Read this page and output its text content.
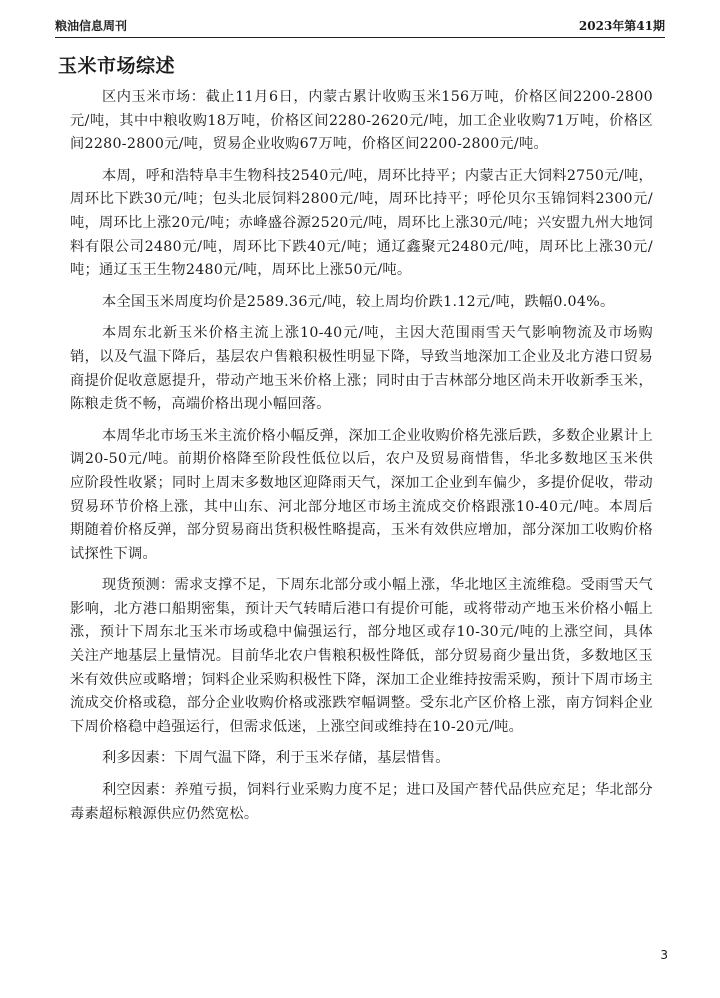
粮油信息周刊	2023年第41期
玉米市场综述

区内玉米市场：截止11月6日，内蒙古累计收购玉米156万吨，价格区间2200-2800元/吨，其中中粮收购18万吨，价格区间2280-2620元/吨，加工企业收购71万吨，价格区间2280-2800元/吨，贸易企业收购67万吨，价格区间2200-2800元/吨。

本周，呼和浩特阜丰生物科技2540元/吨，周环比持平；内蒙古正大饲料2750元/吨，周环比下跌30元/吨；包头北辰饲料2800元/吨，周环比持平；呼伦贝尔玉锦饲料2300元/吨，周环比上涨20元/吨；赤峰盛谷源2520元/吨，周环比上涨30元/吨；兴安盟九州大地饲料有限公司2480元/吨，周环比下跌40元/吨；通辽鑫聚元2480元/吨，周环比上涨30元/吨；通辽玉王生物2480元/吨，周环比上涨50元/吨。

本全国玉米周度均价是2589.36元/吨，较上周均价跌1.12元/吨，跌幅0.04%。

本周东北新玉米价格主流上涨10-40元/吨，主因大范围雨雪天气影响物流及市场购销，以及气温下降后，基层农户售粮积极性明显下降，导致当地深加工企业及北方港口贸易商提价促收意愿提升，带动产地玉米价格上涨；同时由于吉林部分地区尚未开收新季玉米，陈粮走货不畅，高端价格出现小幅回落。

本周华北市场玉米主流价格小幅反弹，深加工企业收购价格先涨后跌，多数企业累计上调20-50元/吨。前期价格降至阶段性低位以后，农户及贸易商惜售，华北多数地区玉米供应阶段性收紧；同时上周末多数地区迎降雨天气，深加工企业到车偏少，多提价促收，带动贸易环节价格上涨，其中山东、河北部分地区市场主流成交价格跟涨10-40元/吨。本周后期随着价格反弹，部分贸易商出货积极性略提高，玉米有效供应增加，部分深加工收购价格试探性下调。

现货预测：需求支撑不足，下周东北部分或小幅上涨，华北地区主流维稳。受雨雪天气影响，北方港口船期密集，预计天气转晴后港口有提价可能，或将带动产地玉米价格小幅上涨，预计下周东北玉米市场或稳中偏强运行，部分地区或存10-30元/吨的上涨空间，具体关注产地基层上量情况。目前华北农户售粮积极性降低，部分贸易商少量出货，多数地区玉米有效供应或略增；饲料企业采购积极性下降，深加工企业维持按需采购，预计下周市场主流成交价格或稳，部分企业收购价格或涨跌窄幅调整。受东北产区价格上涨，南方饲料企业下周价格稳中趋强运行，但需求低迷，上涨空间或维持在10-20元/吨。

利多因素：下周气温下降，利于玉米存储，基层惜售。

利空因素：养殖亏损，饲料行业采购力度不足；进口及国产替代品供应充足；华北部分毒素超标粮源供应仍然宽松。

3
